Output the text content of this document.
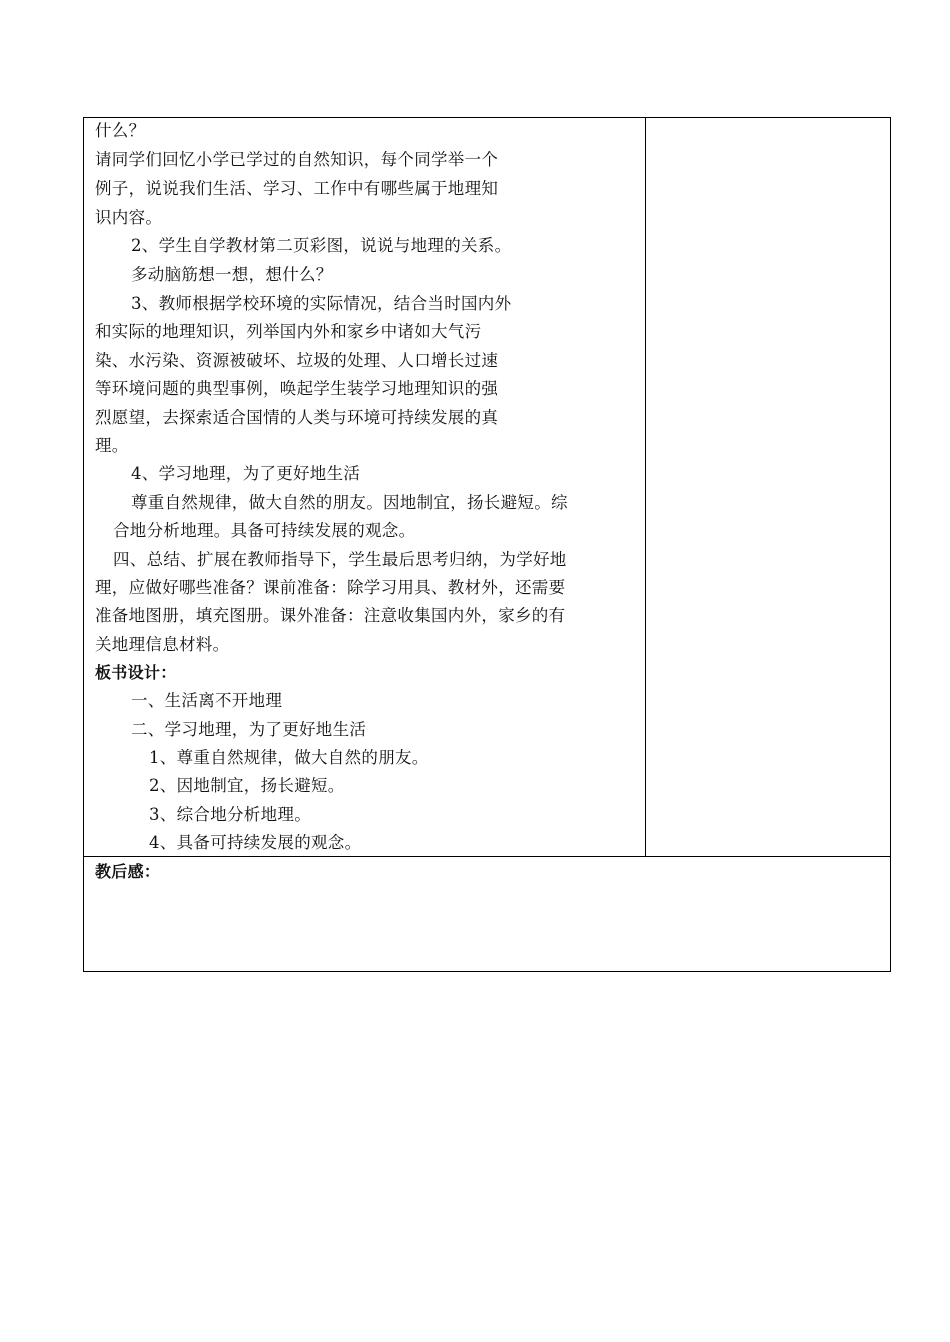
什么？
请同学们回忆小学已学过的自然知识，每个同学举一个
例子，说说我们生活、学习、工作中有哪些属于地理知
识内容。
2、学生自学教材第二页彩图，说说与地理的关系。
多动脑筋想一想，想什么？
3、教师根据学校环境的实际情况，结合当时国内外
和实际的地理知识，列举国内外和家乡中诸如大气污
染、水污染、资源被破坏、垃圾的处理、人口增长过速
等环境问题的典型事例，唤起学生装学习地理知识的强
烈愿望，去探索适合国情的人类与环境可持续发展的真
理。
4、学习地理，为了更好地生活
尊重自然规律，做大自然的朋友。因地制宜，扬长避短。综
合地分析地理。具备可持续发展的观念。
四、总结、扩展在教师指导下，学生最后思考归纳，为学好地
理，应做好哪些准备？课前准备：除学习用具、教材外，还需要
准备地图册，填充图册。课外准备：注意收集国内外，家乡的有
关地理信息材料。
板书设计：
一、生活离不开地理
二、学习地理，为了更好地生活
1、尊重自然规律，做大自然的朋友。
2、因地制宜，扬长避短。
3、综合地分析地理。
4、具备可持续发展的观念。
教后感：
